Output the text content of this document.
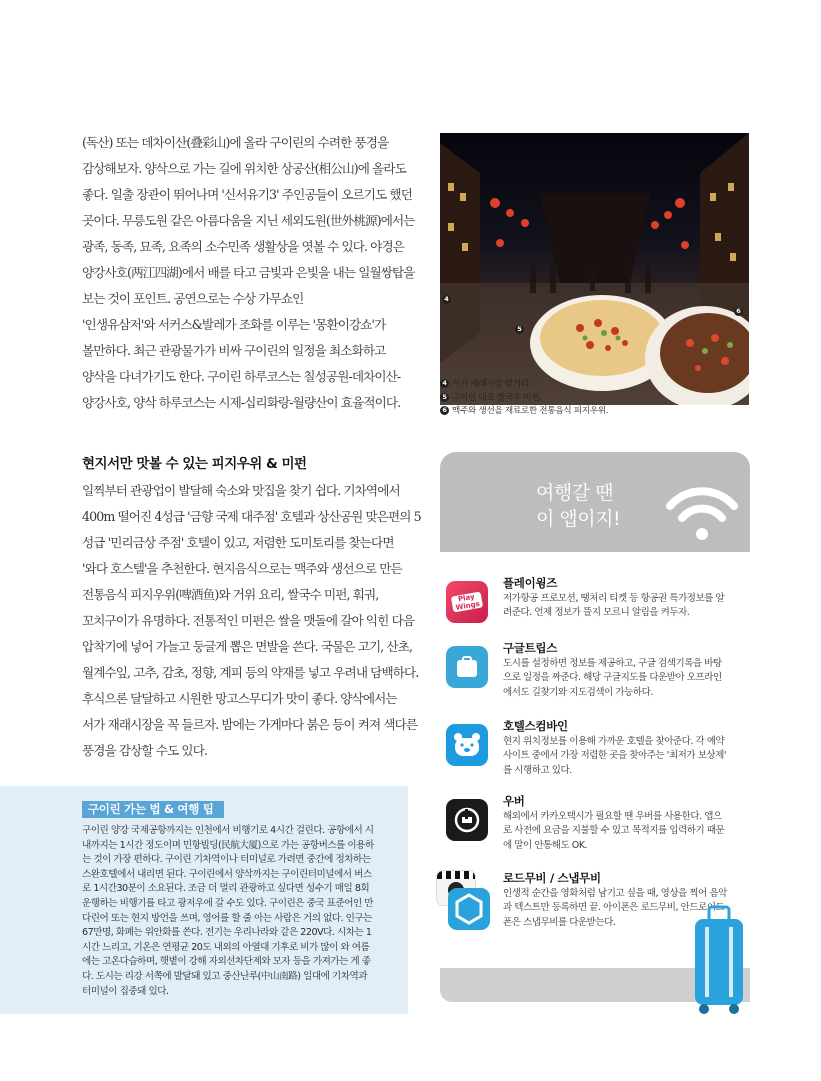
(독산) 또는 데차이산(叠彩山)에 올라 구이린의 수려한 풍경을

감상해보자. 양삭으로 가는 길에 위치한 상공산(相公山)에 올라도

좋다. 일출 장관이 뛰어나며 '신서유기3' 주인공들이 오르기도 했던

곳이다. 무릉도원 같은 아름다움을 지닌 세외도원(世外桃源)에서는

광족, 동족, 묘족, 요족의 소수민족 생활상을 엿볼 수 있다. 야경은

양강사호(两江四湖)에서 배를 타고 금빛과 은빛을 내는 일월쌍탑을

보는 것이 포인트. 공연으로는 수상 가무쇼인

'인생유삼저'와 서커스&발레가 조화를 이루는 '몽환이강쇼'가

볼만하다. 최근 관광물가가 비싸 구이린의 일정을 최소화하고

양삭을 다녀가기도 한다. 구이린 하루코스는 칠성공원-데차이산-

양강사호, 양삭 하루코스는 시제-십리화랑-월량산이 효율적이다.

현지서만 맛볼 수 있는 피지우위 & 미펀

일찍부터 관광업이 발달해 숙소와 맛집을 찾기 쉽다. 기차역에서

400m 떨어진 4성급 '금향 국제 대주점' 호텔과 상산공원 맞은편의 5

성급 '민리금상 주점' 호텔이 있고, 저렴한 도미토리를 찾는다면

'와다 호스텔'을 추천한다. 현지음식으로는 맥주와 생선으로 만든

전통음식 피지우위(啤酒鱼)와 거위 요리, 쌀국수 미펀, 훠궈,

꼬치구이가 유명하다. 전통적인 미펀은 쌀을 맷돌에 갈아 익힌 다음

압착기에 넣어 가늘고 둥글게 뽑은 면발을 쓴다. 국물은 고기, 산초,

월계수잎, 고추, 감초, 정향, 계피 등의 약재를 넣고 우려내 담백하다.

후식으론 달달하고 시원한 망고스무디가 맛이 좋다. 양삭에서는

서가 재래시장을 꼭 들르자. 밤에는 가게마다 붉은 등이 켜져 색다른

풍경을 감상할 수도 있다.

구이린 가는 법 & 여행 팁

구이린 양강 국제공항까지는 인천에서 비행기로 4시간 걸린다. 공항에서 시

내까지는 1시간 정도이며 민항빌딩(民航大厦)으로 가는 공항버스를 이용하

는 것이 가장 편하다. 구이린 기차역이나 터미널로 가려면 중간에 정차하는

스완호텔에서 내리면 된다. 구이린에서 양삭까지는 구이린터미널에서 버스

로 1시간30분이 소요된다. 조금 더 멀리 관광하고 싶다면 성수기 매일 8회

운행하는 비행기를 타고 광저우에 갈 수도 있다. 구이린은 중국 표준어인 만

다린어 또는 현지 방언을 쓰며, 영어를 할 줄 아는 사람은 거의 없다. 인구는

67만명, 화폐는 위안화를 쓴다. 전기는 우리나라와 같은 220V다. 시차는 1

시간 느리고, 기온은 연평균 20도 내외의 아열대 기후로 비가 많이 와 여름

에는 고온다습하며, 햇볕이 강해 자외선차단제와 모자 등을 가져가는 게 좋

다. 도시는 리강 서쪽에 발달돼 있고 중산난루(中山南路) 일대에 기차역과

터미널이 집중돼 있다.

4
5
6

4 서가 재래시장 밤거리.

5 구이린 대표 쌀국수 미펀.

6 맥주와 생선을 재료로한 전통음식 피지우위.

여행갈 땐
이 앱이지!
Play Wings
플레이윙즈

저가항공 프로모션, 땡처리 티켓 등 항공권 특가정보를 알

려준다. 언제 정보가 뜰지 모르니 알림을 켜두자.

구글트립스

도시를 설정하면 정보를 제공하고, 구글 검색기록을 바탕

으로 일정을 짜준다. 해당 구글지도를 다운받아 오프라인

에서도 길찾기와 지도검색이 가능하다.

호텔스컴바인

현지 위치정보를 이용해 가까운 호텔을 찾아준다. 각 예약

사이트 중에서 가장 저렴한 곳을 찾아주는 '최저가 보상제'

를 시행하고 있다.

우버

해외에서 카카오택시가 필요할 땐 우버를 사용한다. 앱으

로 사전에 요금을 지불할 수 있고 목적지를 입력하기 때문

에 말이 안통해도 OK.

로드무비 / 스냅무비

인생적 순간을 영화처럼 남기고 싶을 때, 영상을 찍어 음악

과 텍스트만 등록하면 끝. 아이폰은 로드무비, 안드로이드

폰은 스냅무비를 다운받는다.
